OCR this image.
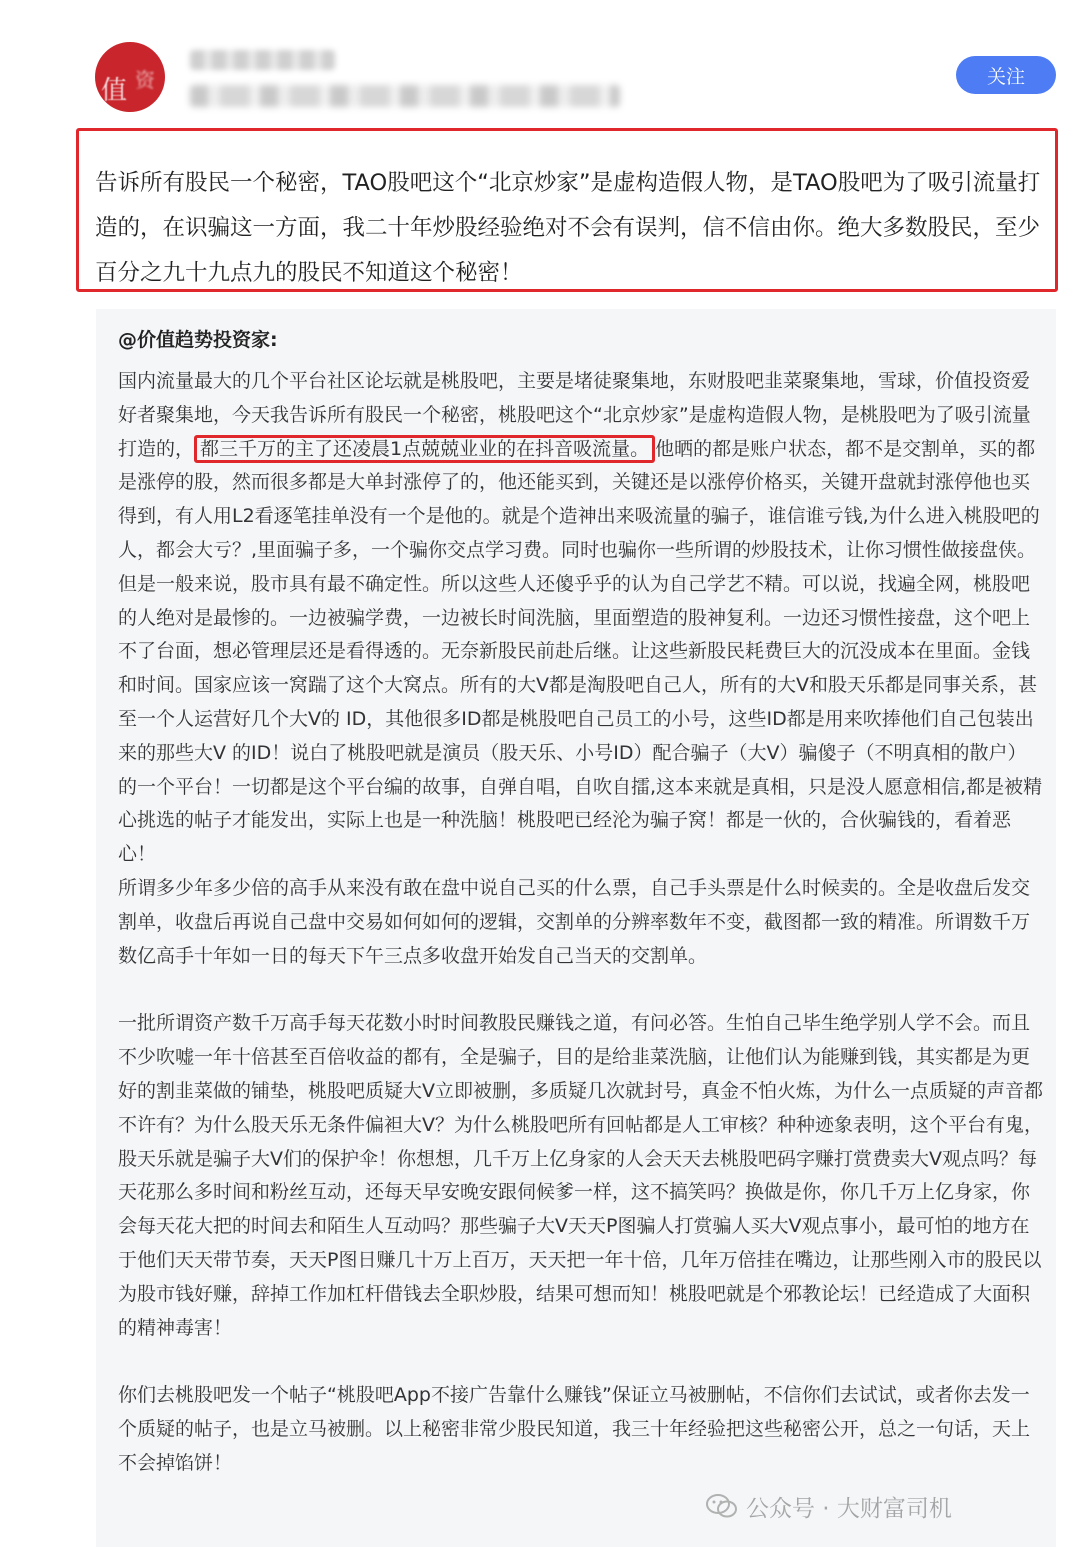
值 资	关注
告诉所有股民一个秘密，TAO股吧这个“北京炒家”是虚构造假人物，是TAO股吧为了吸引流量打造的，在识骗这一方面，我二十年炒股经验绝对不会有误判，信不信由你。绝大多数股民，至少百分之九十九点九的股民不知道这个秘密！
@价值趋势投资家:

国内流量最大的几个平台社区论坛就是桃股吧，主要是堵徒聚集地，东财股吧韭菜聚集地，雪球，价值投资爱好者聚集地，今天我告诉所有股民一个秘密，桃股吧这个“北京炒家”是虚构造假人物，是桃股吧为了吸引流量打造的， 都三千万的主了还凌晨1点兢兢业业的在抖音吸流量。 他晒的都是账户状态，都不是交割单，买的都是涨停的股，然而很多都是大单封涨停了的，他还能买到，关键还是以涨停价格买，关键开盘就封涨停他也买得到，有人用L2看逐笔挂单没有一个是他的。就是个造神出来吸流量的骗子，谁信谁亏钱,为什么进入桃股吧的人，都会大亏？,里面骗子多，一个骗你交点学习费。同时也骗你一些所谓的炒股技术，让你习惯性做接盘侠。但是一般来说，股市具有最不确定性。所以这些人还傻乎乎的认为自己学艺不精。可以说，找遍全网，桃股吧的人绝对是最惨的。一边被骗学费，一边被长时间洗脑，里面塑造的股神复利。一边还习惯性接盘，这个吧上不了台面，想必管理层还是看得透的。无奈新股民前赴后继。让这些新股民耗费巨大的沉没成本在里面。金钱和时间。国家应该一窝踹了这个大窝点。所有的大V都是淘股吧自己人，所有的大V和股天乐都是同事关系，甚至一个人运营好几个大V的 ID，其他很多ID都是桃股吧自己员工的小号，这些ID都是用来吹捧他们自己包装出来的那些大V 的ID！说白了桃股吧就是演员（股天乐、小号ID）配合骗子（大V）骗傻子（不明真相的散户）的一个平台！一切都是这个平台编的故事，自弹自唱，自吹自擂,这本来就是真相，只是没人愿意相信,都是被精心挑选的帖子才能发出，实际上也是一种洗脑！桃股吧已经沦为骗子窝！都是一伙的，合伙骗钱的，看着恶心！

所谓多少年多少倍的高手从来没有敢在盘中说自己买的什么票，自己手头票是什么时候卖的。全是收盘后发交割单，收盘后再说自己盘中交易如何如何的逻辑，交割单的分辨率数年不变，截图都一致的精准。所谓数千万数亿高手十年如一日的每天下午三点多收盘开始发自己当天的交割单。

一批所谓资产数千万高手每天花数小时时间教股民赚钱之道，有问必答。生怕自己毕生绝学别人学不会。而且不少吹嘘一年十倍甚至百倍收益的都有，全是骗子，目的是给韭菜洗脑，让他们认为能赚到钱，其实都是为更好的割韭菜做的铺垫，桃股吧质疑大V立即被删，多质疑几次就封号，真金不怕火炼，为什么一点质疑的声音都不许有？为什么股天乐无条件偏袒大V？为什么桃股吧所有回帖都是人工审核？种种迹象表明，这个平台有鬼，股天乐就是骗子大V们的保护伞！你想想，几千万上亿身家的人会天天去桃股吧码字赚打赏费卖大V观点吗？每天花那么多时间和粉丝互动，还每天早安晚安跟伺候爹一样，这不搞笑吗？换做是你，你几千万上亿身家，你会每天花大把的时间去和陌生人互动吗？那些骗子大V天天P图骗人打赏骗人买大V观点事小，最可怕的地方在于他们天天带节奏，天天P图日赚几十万上百万，天天把一年十倍，几年万倍挂在嘴边，让那些刚入市的股民以为股市钱好赚，辞掉工作加杠杆借钱去全职炒股，结果可想而知！桃股吧就是个邪教论坛！已经造成了大面积的精神毒害！

你们去桃股吧发一个帖子“桃股吧App不接广告靠什么赚钱”保证立马被删帖，不信你们去试试，或者你去发一个质疑的帖子，也是立马被删。以上秘密非常少股民知道，我三十年经验把这些秘密公开，总之一句话，天上不会掉馅饼！

公众号 · 大财富司机
